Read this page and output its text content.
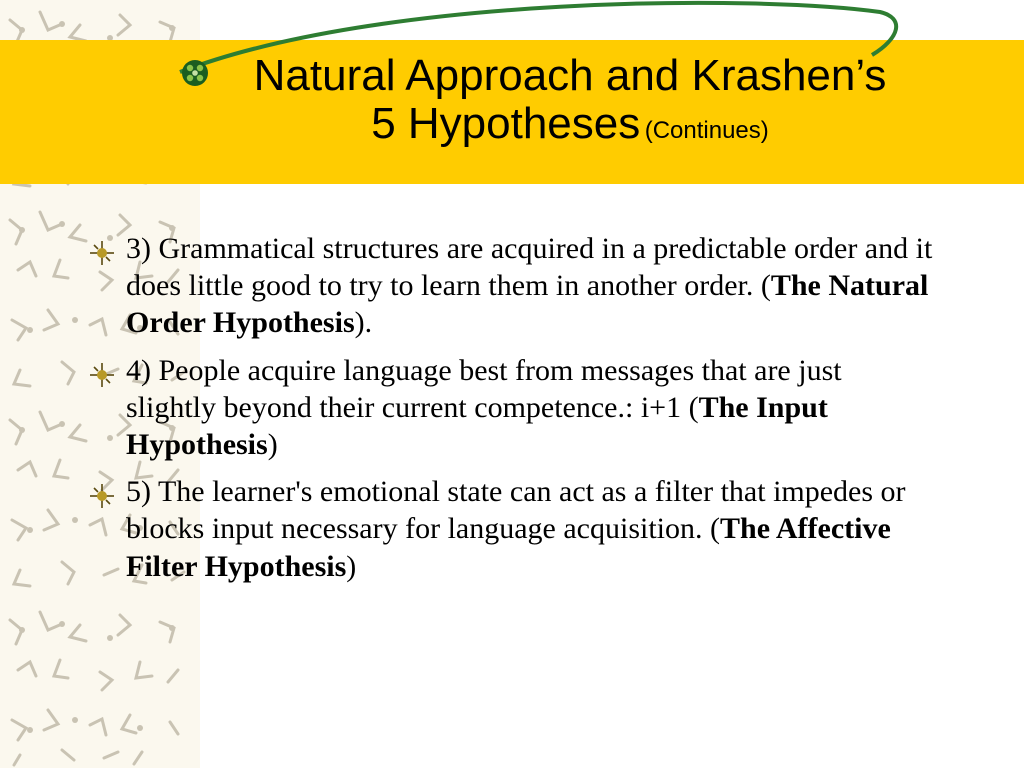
Natural Approach and Krashen’s
5 Hypotheses (Continues)
3) Grammatical structures are acquired in a predictable order and it does little good to try to learn them in another order. (The Natural Order Hypothesis).
4) People acquire language best from messages that are just slightly beyond their current competence.: i+1 (The Input Hypothesis)
5) The learner's emotional state can act as a filter that impedes or blocks input necessary for language acquisition. (The Affective Filter Hypothesis)
